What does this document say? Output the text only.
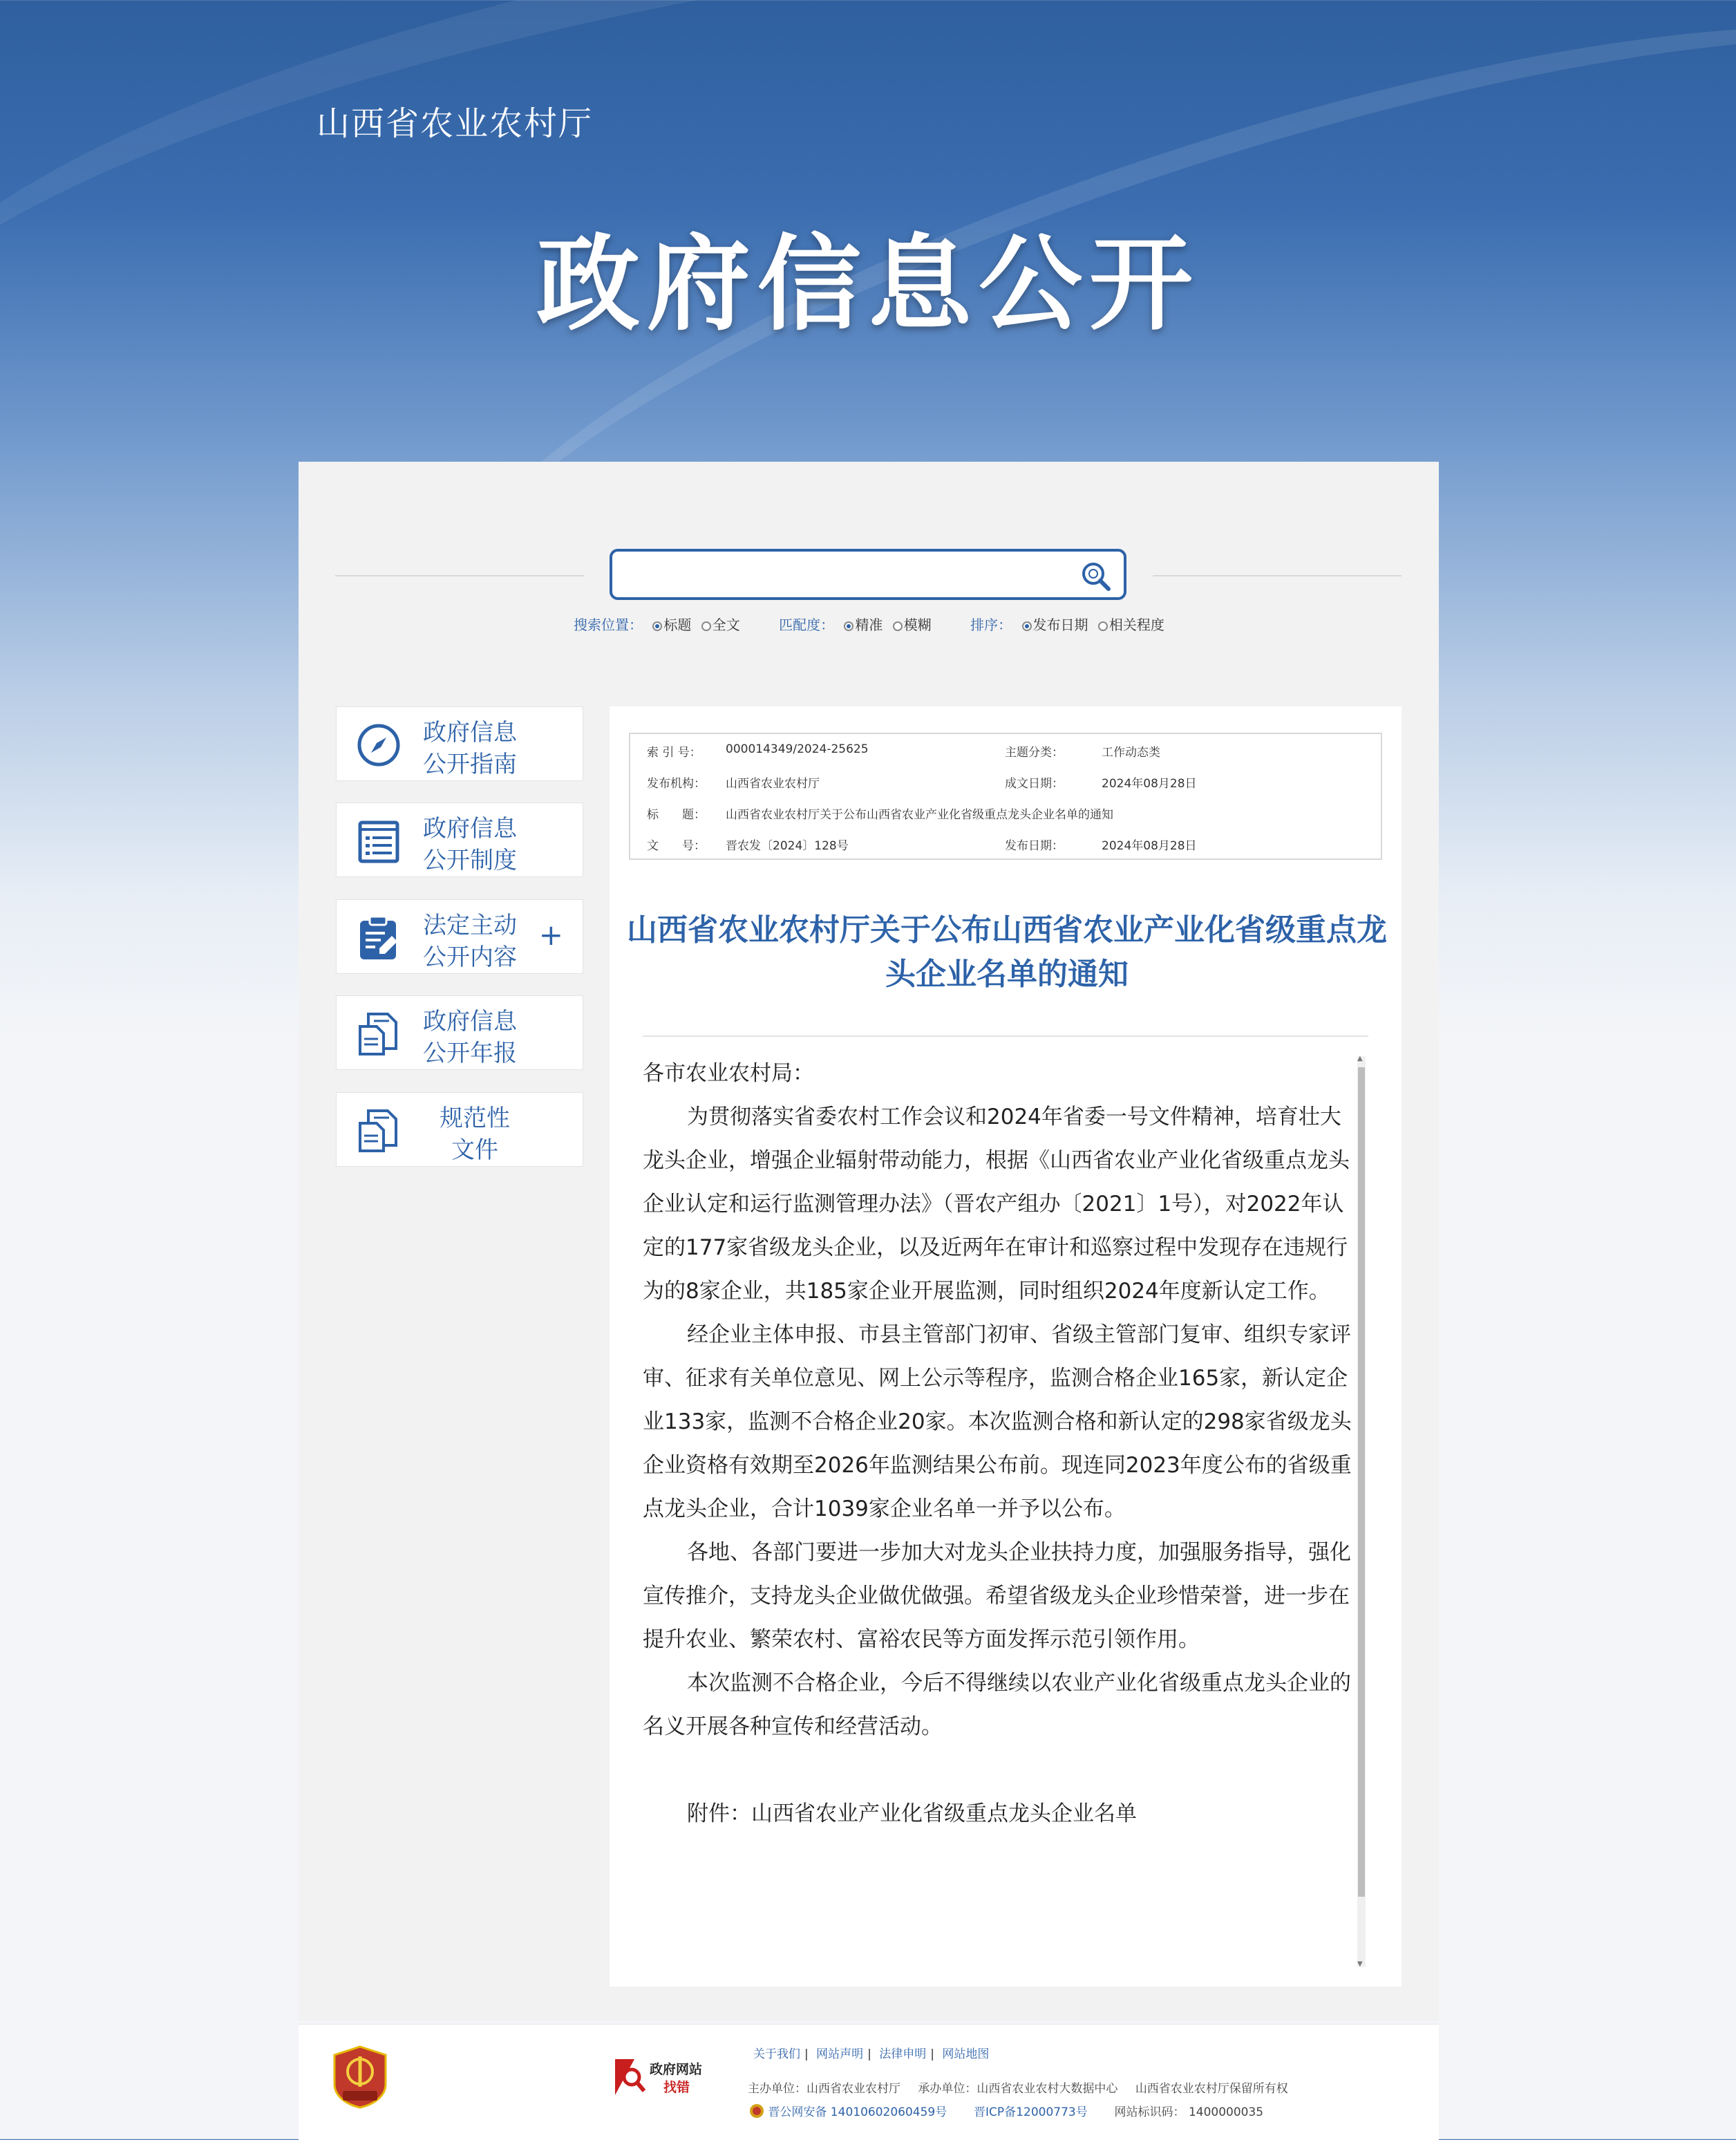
山西省农业农村厅
政府信息公开
搜索位置： 标题 全文	匹配度： 精准 模糊	排序： 发布日期 相关程度
政府信息
公开指南
政府信息
公开制度
法定主动
公开内容
+
政府信息
公开年报
规范性
文件
索 引 号： 000014349/2024-25625	主题分类：	工作动态类
发布机构： 山西省农业农村厅	成文日期：	2024年08月28日
标　　题： 山西省农业农村厅关于公布山西省农业产业化省级重点龙头企业名单的通知
文　　号： 晋农发〔2024〕128号	发布日期：	2024年08月28日
山西省农业农村厅关于公布山西省农业产业化省级重点龙头企业名单的通知

各市农业农村局：

为贯彻落实省委农村工作会议和2024年省委一号文件精神，培育壮大龙头企业，增强企业辐射带动能力，根据《山西省农业产业化省级重点龙头企业认定和运行监测管理办法》（晋农产组办〔2021〕1号），对2022年认定的177家省级龙头企业，以及近两年在审计和巡察过程中发现存在违规行为的8家企业，共185家企业开展监测，同时组织2024年度新认定工作。

经企业主体申报、市县主管部门初审、省级主管部门复审、组织专家评审、征求有关单位意见、网上公示等程序，监测合格企业165家，新认定企业133家，监测不合格企业20家。本次监测合格和新认定的298家省级龙头企业资格有效期至2026年监测结果公布前。现连同2023年度公布的省级重点龙头企业，合计1039家企业名单一并予以公布。

各地、各部门要进一步加大对龙头企业扶持力度，加强服务指导，强化宣传推介，支持龙头企业做优做强。希望省级龙头企业珍惜荣誉，进一步在提升农业、繁荣农村、富裕农民等方面发挥示范引领作用。

本次监测不合格企业，今后不得继续以农业产业化省级重点龙头企业的名义开展各种宣传和经营活动。

附件：山西省农业产业化省级重点龙头企业名单

▲
▼
政府网站
找错
关于我们 | 网站声明 | 法律申明 | 网站地图
主办单位：山西省农业农村厅 承办单位：山西省农业农村大数据中心 山西省农业农村厅保留所有权
晋公网安备 14010602060459号 晋ICP备12000773号 网站标识码： 1400000035
